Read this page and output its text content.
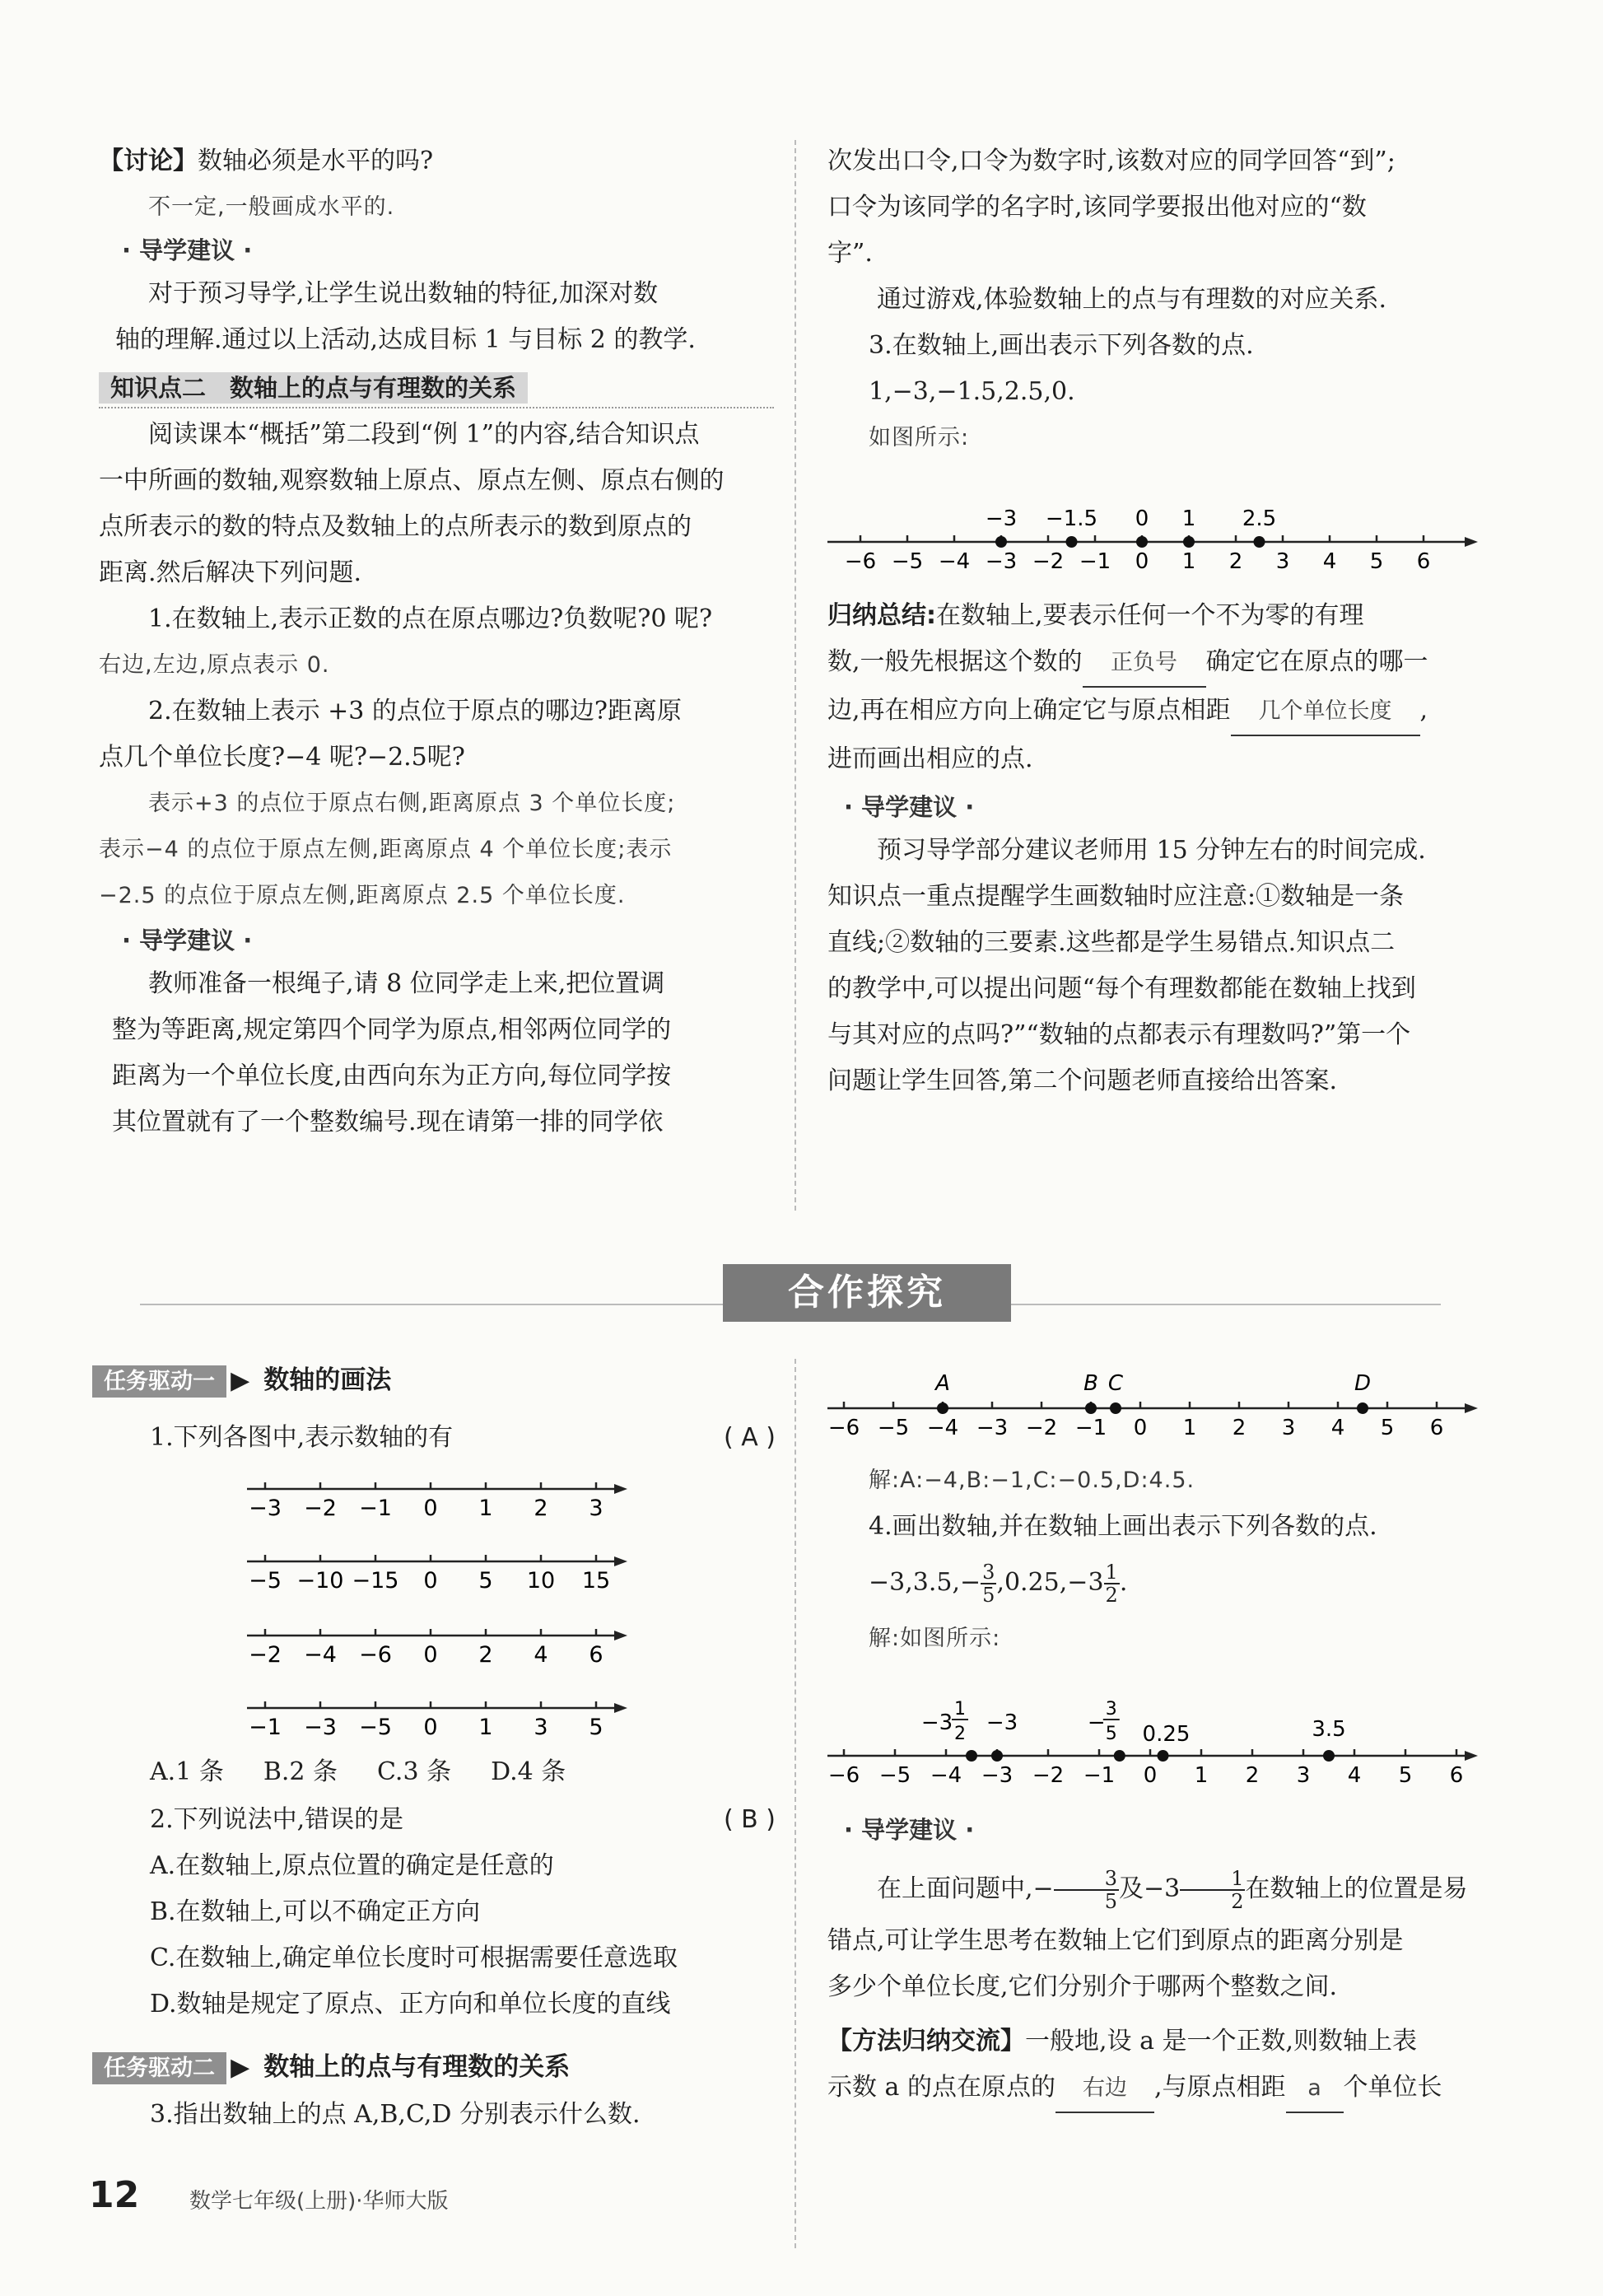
【讨论】数轴必须是水平的吗?

不一定,一般画成水平的.

· 导学建议 ·

对于预习导学,让学生说出数轴的特征,加深对数

轴的理解.通过以上活动,达成目标 1 与目标 2 的教学.

知识点二　数轴上的点与有理数的关系

阅读课本“概括”第二段到“例 1”的内容,结合知识点

一中所画的数轴,观察数轴上原点、原点左侧、原点右侧的

点所表示的数的特点及数轴上的点所表示的数到原点的

距离.然后解决下列问题.

1.在数轴上,表示正数的点在原点哪边?负数呢?0 呢?

右边,左边,原点表示 0.

2.在数轴上表示 +3 的点位于原点的哪边?距离原

点几个单位长度?−4 呢?−2.5呢?

表示+3 的点位于原点右侧,距离原点 3 个单位长度;

表示−4 的点位于原点左侧,距离原点 4 个单位长度;表示

−2.5 的点位于原点左侧,距离原点 2.5 个单位长度.

· 导学建议 ·

教师准备一根绳子,请 8 位同学走上来,把位置调

整为等距离,规定第四个同学为原点,相邻两位同学的

距离为一个单位长度,由西向东为正方向,每位同学按

其位置就有了一个整数编号.现在请第一排的同学依

次发出口令,口令为数字时,该数对应的同学回答“到”;

口令为该同学的名字时,该同学要报出他对应的“数

字”.

通过游戏,体验数轴上的点与有理数的对应关系.

3.在数轴上,画出表示下列各数的点.

1,−3,−1.5,2.5,0.

如图所示:

−6 −5 −4 −3 −2 −1 0 1 2 3 4 5 6
−3 −1.5 0 1 2.5

归纳总结:在数轴上,要表示任何一个不为零的有理

数,一般先根据这个数的 正负号 确定它在原点的哪一

边,再在相应方向上确定它与原点相距 几个单位长度 ,

进而画出相应的点.

· 导学建议 ·

预习导学部分建议老师用 15 分钟左右的时间完成.

知识点一重点提醒学生画数轴时应注意:①数轴是一条

直线;②数轴的三要素.这些都是学生易错点.知识点二

的教学中,可以提出问题“每个有理数都能在数轴上找到

与其对应的点吗?”“数轴的点都表示有理数吗?”第一个

问题让学生回答,第二个问题老师直接给出答案.

合作探究
任务驱动一 ▶ 数轴的画法
1.下列各图中,表示数轴的有	( A )
−3 −2 −1 0 1 2 3
−5 −10 −15 0 5 10 15
−2 −4 −6 0 2 4 6
−1 −3 −5 0 1 3 5
A.1 条 B.2 条 C.3 条 D.4 条

2.下列说法中,错误的是	( B )

A.在数轴上,原点位置的确定是任意的

B.在数轴上,可以不确定正方向

C.在数轴上,确定单位长度时可根据需要任意选取

D.数轴是规定了原点、正方向和单位长度的直线

任务驱动二 ▶ 数轴上的点与有理数的关系

3.指出数轴上的点 A,B,C,D 分别表示什么数.

−6 −5 −4 −3 −2 −1 0 1 2 3 4 5 6
A	B C	D

解:A:−4,B:−1,C:−0.5,D:4.5.

4.画出数轴,并在数轴上画出表示下列各数的点.

$-3,3.5,- \frac{3}{5} ,0.25,-3 \frac{1}{2}$ .

解:如图所示:

−6 −5 −4 −3 −2 −1 0 1 2 3 4 5 6
−3
1
2 −3	−
3
5 0.25	3.5

· 导学建议 ·

在上面问题中,− $\frac{3}{5}$ 及$-3 \frac{1}{2}$ 在数轴上的位置是易

错点,可让学生思考在数轴上它们到原点的距离分别是

多少个单位长度,它们分别介于哪两个整数之间.

【方法归纳交流】一般地,设 a 是一个正数,则数轴上表

示数 a 的点在原点的 右边 ,与原点相距 a 个单位长

12 数学七年级(上册)·华师大版
